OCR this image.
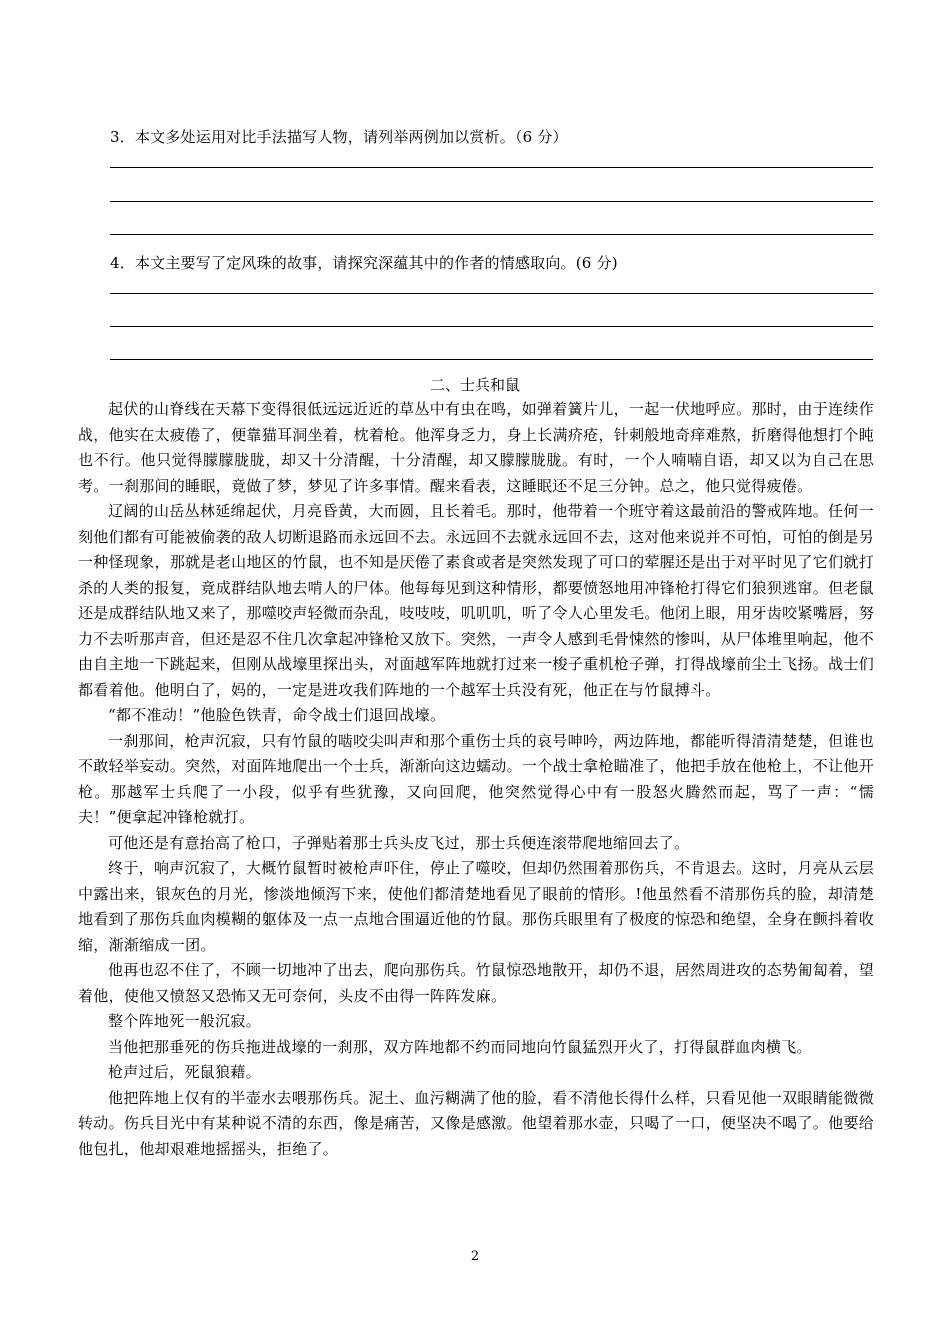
3．本文多处运用对比手法描写人物，请列举两例加以赏析。（6 分）
4．本文主要写了定风珠的故事，请探究深蕴其中的作者的情感取向。(6 分)
二、士兵和鼠

起伏的山脊线在天幕下变得很低远远近近的草丛中有虫在鸣，如弹着簧片儿，一起一伏地呼应。那时，由于连续作战，他实在太疲倦了，便靠猫耳洞坐着，枕着枪。他浑身乏力，身上长满疥疮，针刺般地奇痒难熬，折磨得他想打个盹也不行。他只觉得朦朦胧胧，却又十分清醒，十分清醒，却又朦朦胧胧。有时，一个人喃喃自语，却又以为自己在思考。一刹那间的睡眠，竟做了梦，梦见了许多事情。醒来看表，这睡眠还不足三分钟。总之，他只觉得疲倦。

辽阔的山岳丛林延绵起伏，月亮昏黄，大而圆，且长着毛。那时，他带着一个班守着这最前沿的警戒阵地。任何一刻他们都有可能被偷袭的敌人切断退路而永远回不去。永远回不去就永远回不去，这对他来说并不可怕，可怕的倒是另一种怪现象，那就是老山地区的竹鼠，也不知是厌倦了素食或者是突然发现了可口的荤腥还是出于对平时见了它们就打杀的人类的报复，竟成群结队地去啃人的尸体。他每每见到这种情形，都要愤怒地用冲锋枪打得它们狼狈逃窜。但老鼠还是成群结队地又来了，那噬咬声轻微而杂乱，吱吱吱，叽叽叽，听了令人心里发毛。他闭上眼，用牙齿咬紧嘴唇，努力不去听那声音，但还是忍不住几次拿起冲锋枪又放下。突然，一声令人感到毛骨悚然的惨叫，从尸体堆里响起，他不由自主地一下跳起来，但刚从战壕里探出头，对面越军阵地就打过来一梭子重机枪子弹，打得战壕前尘土飞扬。战士们都看着他。他明白了，妈的，一定是进攻我们阵地的一个越军士兵没有死，他正在与竹鼠搏斗。

“都不准动！”他脸色铁青，命令战士们退回战壕。

一刹那间，枪声沉寂，只有竹鼠的啮咬尖叫声和那个重伤士兵的哀号呻吟，两边阵地，都能听得清清楚楚，但谁也不敢轻举妄动。突然，对面阵地爬出一个士兵，渐渐向这边蠕动。一个战士拿枪瞄准了，他把手放在他枪上，不让他开枪。那越军士兵爬了一小段，似乎有些犹豫，又向回爬，他突然觉得心中有一股怒火腾然而起，骂了一声：“懦夫！”便拿起冲锋枪就打。

可他还是有意抬高了枪口，子弹贴着那士兵头皮飞过，那士兵便连滚带爬地缩回去了。

终于，响声沉寂了，大概竹鼠暂时被枪声吓住，停止了噬咬，但却仍然围着那伤兵，不肯退去。这时，月亮从云层中露出来，银灰色的月光，惨淡地倾泻下来，使他们都清楚地看见了眼前的情形。!他虽然看不清那伤兵的脸，却清楚地看到了那伤兵血肉模糊的躯体及一点一点地合围逼近他的竹鼠。那伤兵眼里有了极度的惊恐和绝望，全身在颤抖着收缩，渐渐缩成一团。

他再也忍不住了，不顾一切地冲了出去，爬向那伤兵。竹鼠惊恐地散开，却仍不退，居然周进攻的态势匍匐着，望着他，使他又愤怒又恐怖又无可奈何，头皮不由得一阵阵发麻。

整个阵地死一般沉寂。

当他把那垂死的伤兵拖进战壕的一刹那，双方阵地都不约而同地向竹鼠猛烈开火了，打得鼠群血肉横飞。

枪声过后，死鼠狼藉。

他把阵地上仅有的半壶水去喂那伤兵。泥土、血污糊满了他的脸，看不清他长得什么样，只看见他一双眼睛能微微转动。伤兵目光中有某种说不清的东西，像是痛苦，又像是感激。他望着那水壶，只喝了一口，便坚决不喝了。他要给他包扎，他却艰难地摇摇头，拒绝了。

2
